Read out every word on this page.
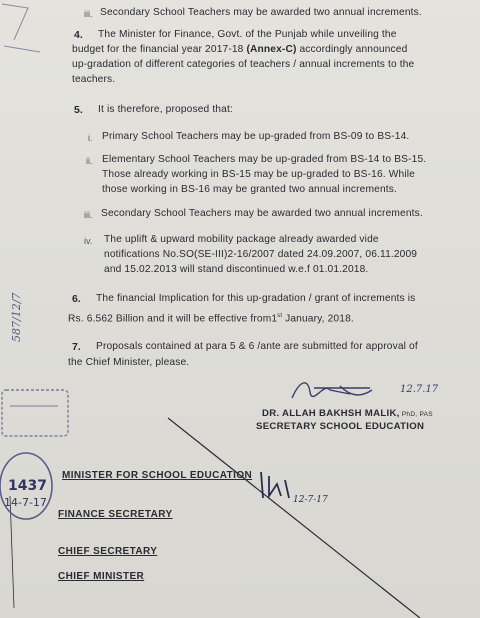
iii. Secondary School Teachers may be awarded two annual increments.
4. The Minister for Finance, Govt. of the Punjab while unveiling the
budget for the financial year 2017-18 (Annex-C) accordingly announced
up-gradation of different categories of teachers / annual increments to the
teachers.
5. It is therefore, proposed that:
i. Primary School Teachers may be up-graded from BS-09 to BS-14.
ii. Elementary School Teachers may be up-graded from BS-14 to BS-15.
Those already working in BS-15 may be up-graded to BS-16. While
those working in BS-16 may be granted two annual increments.
iii. Secondary School Teachers may be awarded two annual increments.
iv. The uplift & upward mobility package already awarded vide
notifications No.SO(SE-III)2-16/2007 dated 24.09.2007, 06.11.2009
and 15.02.2013 will stand discontinued w.e.f 01.01.2018.
6. The financial Implication for this up-gradation / grant of increments is
Rs. 6.562 Billion and it will be effective from1st January, 2018.
7. Proposals contained at para 5 & 6 /ante are submitted for approval of
the Chief Minister, please.
12.7.17
DR. ALLAH BAKHSH MALIK, PhD, PAS
SECRETARY SCHOOL EDUCATION
MINISTER FOR SCHOOL EDUCATION
FINANCE SECRETARY
CHIEF SECRETARY
CHIEF MINISTER
12-7-17
1437
14-7-17
587/12/7
